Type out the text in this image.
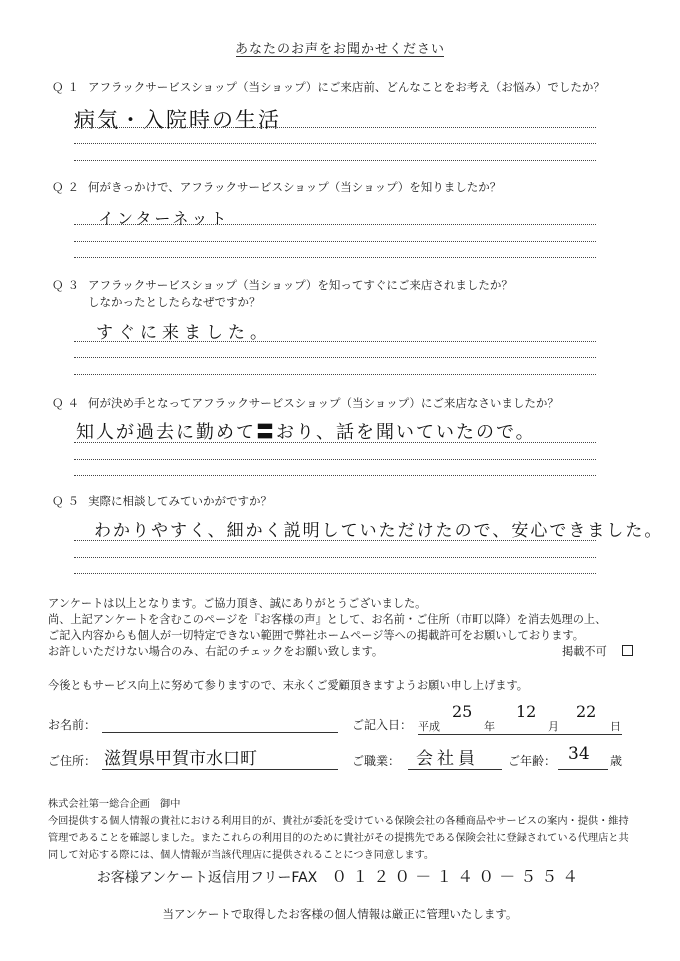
あなたのお声をお聞かせください
Ｑ１ アフラックサービスショップ（当ショップ）にご来店前、どんなことをお考え（お悩み）でしたか？
病気・入院時の生活
Ｑ２ 何がきっかけで、アフラックサービスショップ（当ショップ）を知りましたか？
インターネット
Ｑ３ アフラックサービスショップ（当ショップ）を知ってすぐにご来店されましたか？
しなかったとしたらなぜですか？
すぐに来ました。
Ｑ４ 何が決め手となってアフラックサービスショップ（当ショップ）にご来店なさいましたか？
知人が過去に勤めて〓おり、話を聞いていたので。
Ｑ５ 実際に相談してみていかがですか？
わかりやすく、細かく説明していただけたので、安心できました。
アンケートは以上となります。ご協力頂き、誠にありがとうございました。
尚、上記アンケートを含むこのページを『お客様の声』として、お名前・ご住所（市町以降）を消去処理の上、
ご記入内容からも個人が一切特定できない範囲で弊社ホームページ等への掲載許可をお願いしております。
お許しいただけない場合のみ、右記のチェックをお願い致します。	掲載不可
今後ともサービス向上に努めて参りますので、末永くご愛顧頂きますようお願い申し上げます。
お名前：	ご記入日： 平成
25
年
12
月
22
日
ご住所： 滋賀県甲賀市水口町	ご職業： 会社員 ご年齢： 34 歳
株式会社第一総合企画　御中
今回提供する個人情報の貴社における利用目的が、貴社が委託を受けている保険会社の各種商品やサービスの案内・提供・維持
管理であることを確認しました。またこれらの利用目的のために貴社がその提携先である保険会社に登録されている代理店と共
同して対応する際には、個人情報が当該代理店に提供されることにつき同意します。
お客様アンケート返信用フリーFAX ０１２０－１４０－５５４
当アンケートで取得したお客様の個人情報は厳正に管理いたします。
